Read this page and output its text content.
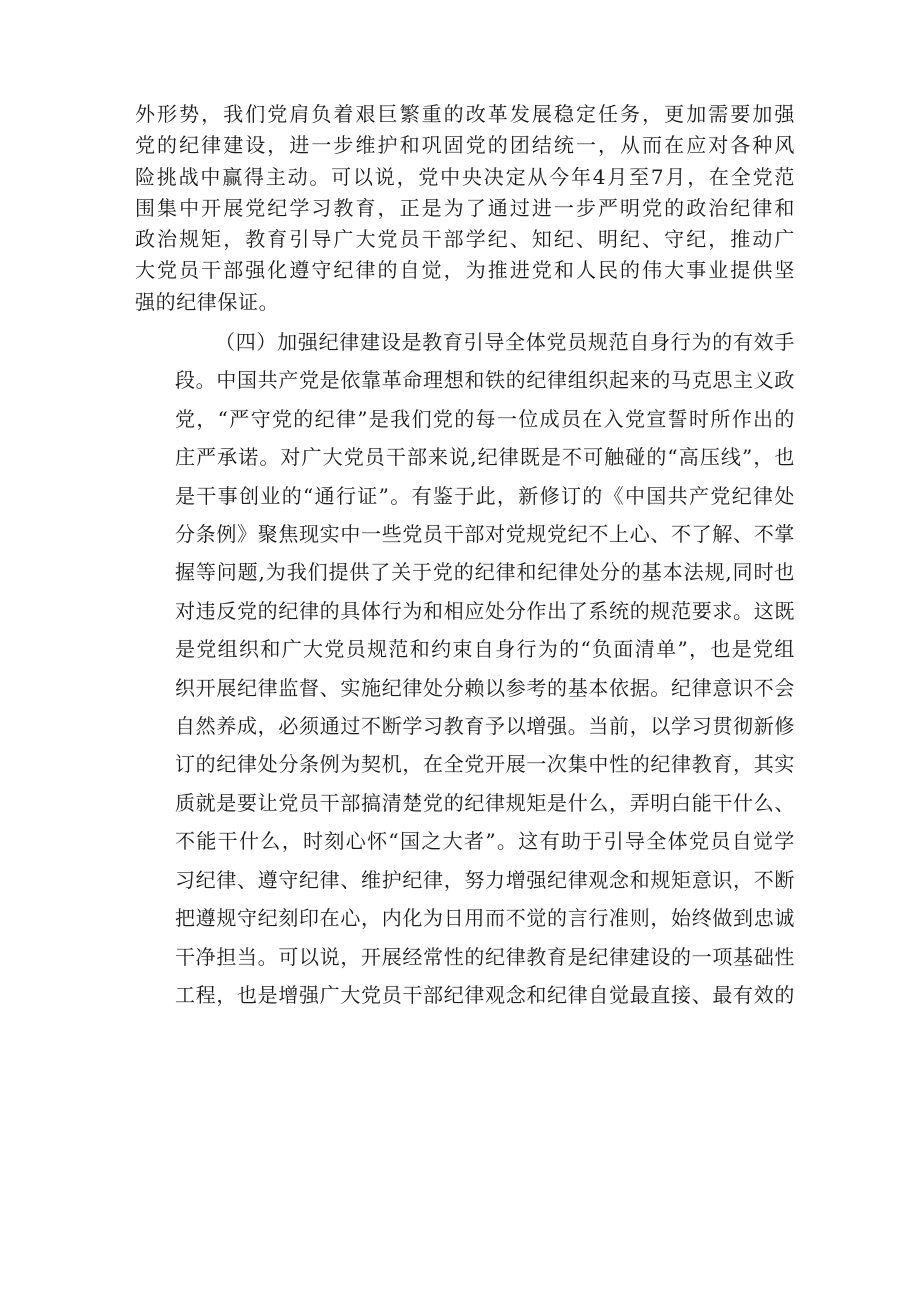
外形势，我们党肩负着艰巨繁重的改革发展稳定任务，更加需要加强
党的纪律建设，进一步维护和巩固党的团结统一，从而在应对各种风
险挑战中赢得主动。可以说，党中央决定从今年4月至7月，在全党范
围集中开展党纪学习教育，正是为了通过进一步严明党的政治纪律和
政治规矩，教育引导广大党员干部学纪、知纪、明纪、守纪，推动广
大党员干部强化遵守纪律的自觉，为推进党和人民的伟大事业提供坚
强的纪律保证。
（四）加强纪律建设是教育引导全体党员规范自身行为的有效手
段。中国共产党是依靠革命理想和铁的纪律组织起来的马克思主义政
党，“严守党的纪律”是我们党的每一位成员在入党宣誓时所作出的
庄严承诺。对广大党员干部来说,纪律既是不可触碰的“高压线”，也
是干事创业的“通行证”。有鉴于此，新修订的《中国共产党纪律处
分条例》聚焦现实中一些党员干部对党规党纪不上心、不了解、不掌
握等问题,为我们提供了关于党的纪律和纪律处分的基本法规,同时也
对违反党的纪律的具体行为和相应处分作出了系统的规范要求。这既
是党组织和广大党员规范和约束自身行为的“负面清单”，也是党组
织开展纪律监督、实施纪律处分赖以参考的基本依据。纪律意识不会
自然养成，必须通过不断学习教育予以增强。当前，以学习贯彻新修
订的纪律处分条例为契机，在全党开展一次集中性的纪律教育，其实
质就是要让党员干部搞清楚党的纪律规矩是什么，弄明白能干什么、
不能干什么，时刻心怀“国之大者”。这有助于引导全体党员自觉学
习纪律、遵守纪律、维护纪律，努力增强纪律观念和规矩意识，不断
把遵规守纪刻印在心，内化为日用而不觉的言行准则，始终做到忠诚
干净担当。可以说，开展经常性的纪律教育是纪律建设的一项基础性
工程，也是增强广大党员干部纪律观念和纪律自觉最直接、最有效的
